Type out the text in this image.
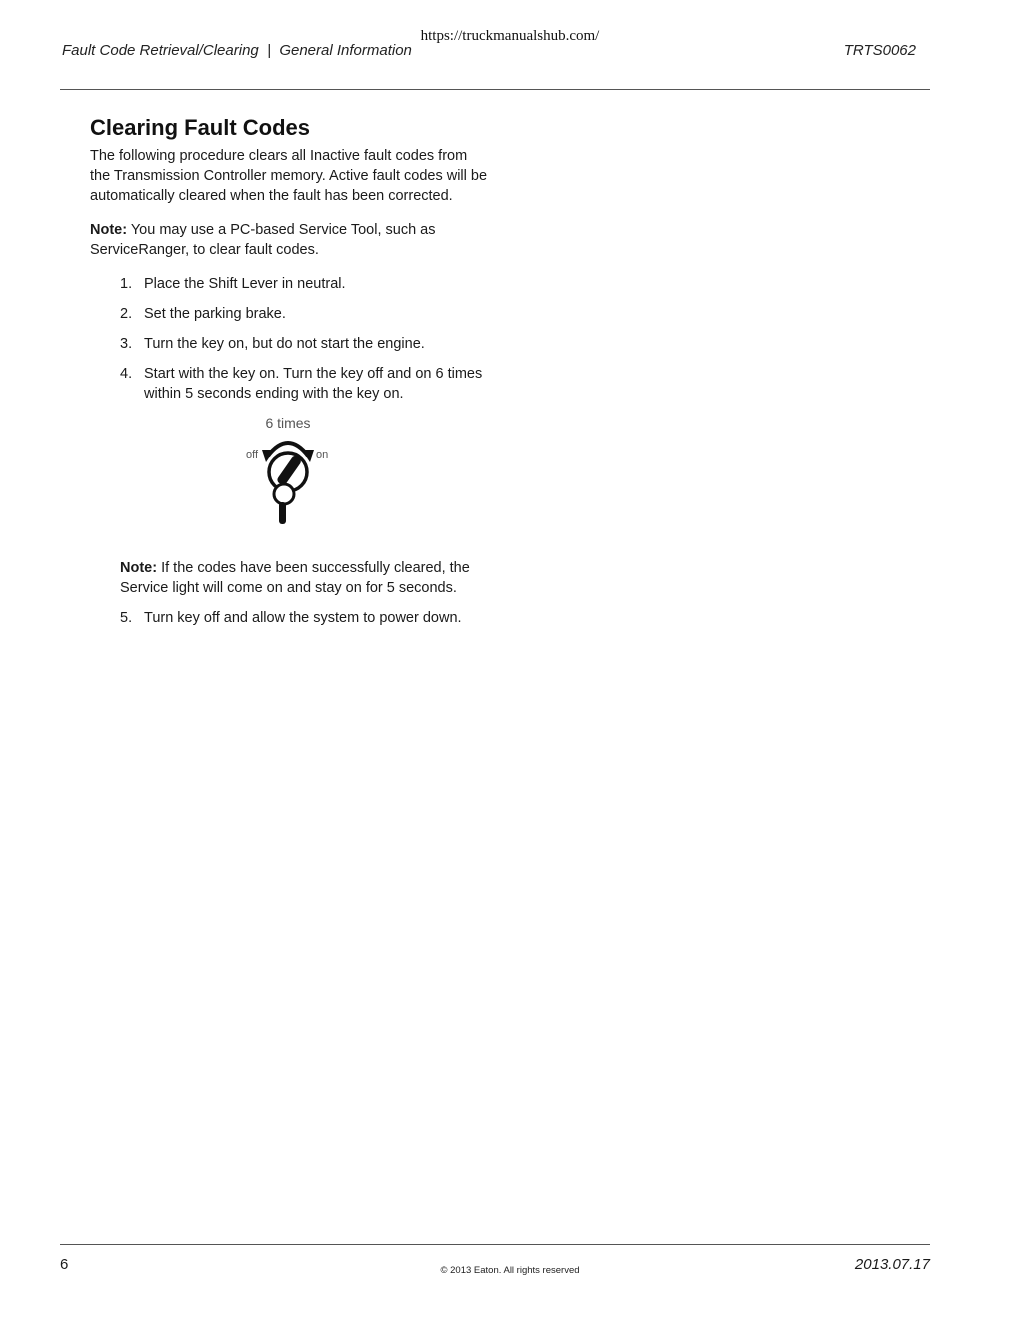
https://truckmanualshub.com/
Fault Code Retrieval/Clearing  |  General Information	TRTS0062
Clearing Fault Codes

The following procedure clears all Inactive fault codes from the Transmission Controller memory. Active fault codes will be automatically cleared when the fault has been corrected.

Note: You may use a PC-based Service Tool, such as ServiceRanger, to clear fault codes.

1. Place the Shift Lever in neutral.
2. Set the parking brake.
3. Turn the key on, but do not start the engine.
4. Start with the key on. Turn the key off and on 6 times within 5 seconds ending with the key on.
6 times
off	on

Note: If the codes have been successfully cleared, the Service light will come on and stay on for 5 seconds.

5. Turn key off and allow the system to power down.
6	© 2013 Eaton. All rights reserved	2013.07.17
